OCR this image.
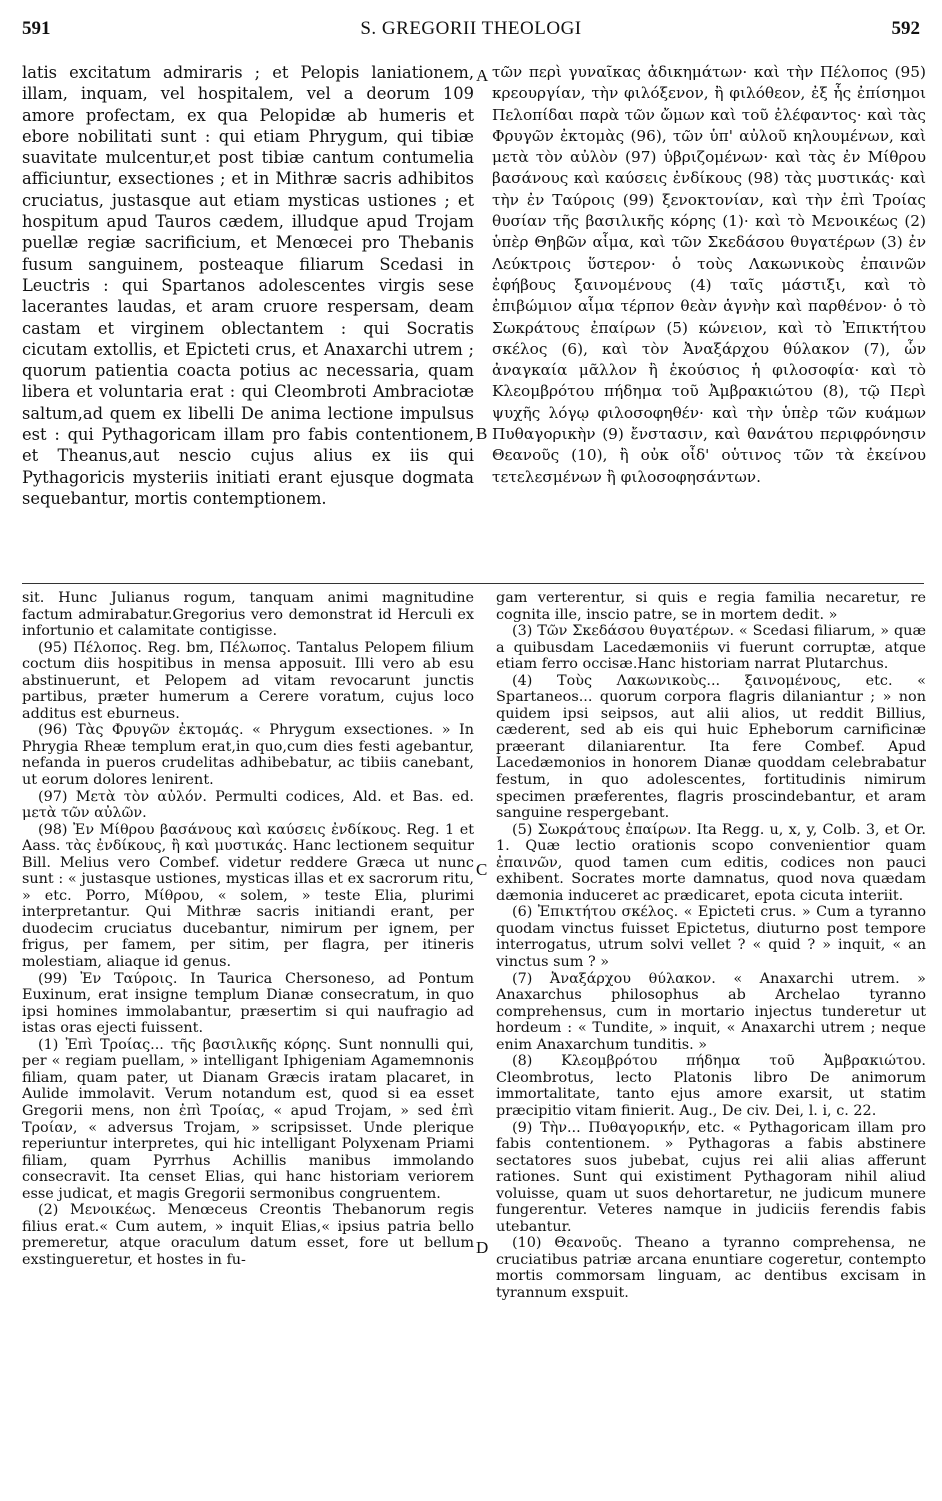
591	S. GREGORII THEOLOGI	592

latis excitatum admiraris ; et Pelopis laniationem, illam, inquam, vel hospitalem, vel a deorum 109 amore profectam, ex qua Pelopidæ ab humeris et ebore nobilitati sunt : qui etiam Phrygum, qui tibiæ suavitate mulcentur,et post tibiæ cantum contumelia afficiuntur, exsectiones ; et in Mithræ sacris adhibitos cruciatus, justasque aut etiam mysticas ustiones ; et hospitum apud Tauros cædem, illudque apud Trojam puellæ regiæ sacrificium, et Menœcei pro Thebanis fusum sanguinem, posteaque filiarum Scedasi in Leuctris : qui Spartanos adolescentes virgis sese lacerantes laudas, et aram cruore respersam, deam castam et virginem oblectantem : qui Socratis cicutam extollis, et Epicteti crus, et Anaxarchi utrem ; quorum patientia coacta potius ac necessaria, quam libera et voluntaria erat : qui Cleombroti Ambraciotæ saltum,ad quem ex libelli De anima lectione impulsus est : qui Pythagoricam illam pro fabis contentionem, et Theanus,aut nescio cujus alius ex iis qui Pythagoricis mysteriis initiati erant ejusque dogmata sequebantur, mortis contemptionem.

τῶν περὶ γυναῖκας ἀδικημάτων· καὶ τὴν Πέλοπος (95) κρεουργίαν, τὴν φιλόξενον, ἢ φιλόθεον, ἐξ ἧς ἐπίσημοι Πελοπίδαι παρὰ τῶν ὤμων καὶ τοῦ ἐλέφαντος· καὶ τὰς Φρυγῶν ἐκτομὰς (96), τῶν ὑπ' αὐλοῦ κηλουμένων, καὶ μετὰ τὸν αὐλὸν (97) ὑβριζομένων· καὶ τὰς ἐν Μίθρου βασάνους καὶ καύσεις ἐνδίκους (98) τὰς μυστικάς· καὶ τὴν ἐν Ταύροις (99) ξενοκτονίαν, καὶ τὴν ἐπὶ Τροίας θυσίαν τῆς βασιλικῆς κόρης (1)· καὶ τὸ Μενοικέως (2) ὑπὲρ Θηβῶν αἷμα, καὶ τῶν Σκεδάσου θυγατέρων (3) ἐν Λεύκτροις ὕστερον· ὁ τοὺς Λακωνικοὺς ἐπαινῶν ἐφήβους ξαινομένους (4) ταῖς μάστιξι, καὶ τὸ ἐπιβώμιον αἷμα τέρπον θεὰν ἁγνὴν καὶ παρθένον· ὁ τὸ Σωκράτους ἐπαίρων (5) κώνειον, καὶ τὸ Ἐπικτήτου σκέλος (6), καὶ τὸν Ἀναξάρχου θύλακον (7), ὧν ἀναγκαία μᾶλλον ἢ ἑκούσιος ἡ φιλοσοφία· καὶ τὸ Κλεομβρότου πήδημα τοῦ Ἀμβρακιώτου (8), τῷ Περὶ ψυχῆς λόγῳ φιλοσοφηθέν· καὶ τὴν ὑπὲρ τῶν κυάμων Πυθαγορικὴν (9) ἔνστασιν, καὶ θανάτου περιφρόνησιν Θεανοῦς (10), ἢ οὐκ οἶδ' οὑτινος τῶν τὰ ἐκείνου τετελεσμένων ἢ φιλοσοφησάντων.

A
B
C
D

sit. Hunc Julianus rogum, tanquam animi magnitudine factum admirabatur.Gregorius vero demonstrat id Herculi ex infortunio et calamitate contigisse.

(95) Πέλοπος. Reg. bm, Πέλωπος. Tantalus Pelopem filium coctum diis hospitibus in mensa apposuit. Illi vero ab esu abstinuerunt, et Pelopem ad vitam revocarunt junctis partibus, præter humerum a Cerere voratum, cujus loco additus est eburneus.

(96) Τὰς Φρυγῶν ἐκτομάς. « Phrygum exsectiones. » In Phrygia Rheæ templum erat,in quo,cum dies festi agebantur, nefanda in pueros crudelitas adhibebatur, ac tibiis canebant, ut eorum dolores lenirent.

(97) Μετὰ τὸν αὐλόν. Permulti codices, Ald. et Bas. ed. μετὰ τῶν αὐλῶν.

(98) Ἐν Μίθρου βασάνους καὶ καύσεις ἐνδίκους. Reg. 1 et Aass. τὰς ἐνδίκους, ἢ καὶ μυστικάς. Hanc lectionem sequitur Bill. Melius vero Combef. videtur reddere Græca ut nunc sunt : « justasque ustiones, mysticas illas et ex sacrorum ritu, » etc. Porro, Μίθρου, « solem, » teste Elia, plurimi interpretantur. Qui Mithræ sacris initiandi erant, per duodecim cruciatus ducebantur, nimirum per ignem, per frigus, per famem, per sitim, per flagra, per itineris molestiam, aliaque id genus.

(99) Ἐν Ταύροις. In Taurica Chersoneso, ad Pontum Euxinum, erat insigne templum Dianæ consecratum, in quo ipsi homines immolabantur, præsertim si qui naufragio ad istas oras ejecti fuissent.

(1) Ἐπὶ Τροίας... τῆς βασιλικῆς κόρης. Sunt nonnulli qui, per « regiam puellam, » intelligant Iphigeniam Agamemnonis filiam, quam pater, ut Dianam Græcis iratam placaret, in Aulide immolavit. Verum notandum est, quod si ea esset Gregorii mens, non ἐπὶ Τροίας, « apud Trojam, » sed ἐπὶ Τροίαν, « adversus Trojam, » scripsisset. Unde plerique reperiuntur interpretes, qui hic intelligant Polyxenam Priami filiam, quam Pyrrhus Achillis manibus immolando consecravit. Ita censet Elias, qui hanc historiam veriorem esse judicat, et magis Gregorii sermonibus congruentem.

(2) Μενοικέως. Menœceus Creontis Thebanorum regis filius erat.« Cum autem, » inquit Elias,« ipsius patria bello premeretur, atque oraculum datum esset, fore ut bellum exstingueretur, et hostes in fu-

gam verterentur, si quis e regia familia necaretur, re cognita ille, inscio patre, se in mortem dedit. »

(3) Τῶν Σκεδάσου θυγατέρων. « Scedasi filiarum, » quæ a quibusdam Lacedæmoniis vi fuerunt corruptæ, atque etiam ferro occisæ.Hanc historiam narrat Plutarchus.

(4) Τοὺς Λακωνικοὺς... ξαινομένους, etc. « Spartaneos... quorum corpora flagris dilaniantur ; » non quidem ipsi seipsos, aut alii alios, ut reddit Billius, cæderent, sed ab eis qui huic Epheborum carnificinæ præerant dilaniarentur. Ita fere Combef. Apud Lacedæmonios in honorem Dianæ quoddam celebrabatur festum, in quo adolescentes, fortitudinis nimirum specimen præferentes, flagris proscindebantur, et aram sanguine respergebant.

(5) Σωκράτους ἐπαίρων. Ita Regg. u, x, y, Colb. 3, et Or. 1. Quæ lectio orationis scopo convenientior quam ἐπαινῶν, quod tamen cum editis, codices non pauci exhibent. Socrates morte damnatus, quod nova quædam dæmonia induceret ac prædicaret, epota cicuta interiit.

(6) Ἐπικτήτου σκέλος. « Epicteti crus. » Cum a tyranno quodam vinctus fuisset Epictetus, diuturno post tempore interrogatus, utrum solvi vellet ? « quid ? » inquit, « an vinctus sum ? »

(7) Ἀναξάρχου θύλακον. « Anaxarchi utrem. » Anaxarchus philosophus ab Archelao tyranno comprehensus, cum in mortario injectus tunderetur ut hordeum : « Tundite, » inquit, « Anaxarchi utrem ; neque enim Anaxarchum tunditis. »

(8) Κλεομβρότου πήδημα τοῦ Ἀμβρακιώτου. Cleombrotus, lecto Platonis libro De animorum immortalitate, tanto ejus amore exarsit, ut statim præcipitio vitam finierit. Aug., De civ. Dei, l. i, c. 22.

(9) Τὴν... Πυθαγορικήν, etc. « Pythagoricam illam pro fabis contentionem. » Pythagoras a fabis abstinere sectatores suos jubebat, cujus rei alii alias afferunt rationes. Sunt qui existiment Pythagoram nihil aliud voluisse, quam ut suos dehortaretur, ne judicum munere fungerentur. Veteres namque in judiciis ferendis fabis utebantur.

(10) Θεανοῦς. Theano a tyranno comprehensa, ne cruciatibus patriæ arcana enuntiare cogeretur, contempto mortis commorsam linguam, ac dentibus excisam in tyrannum exspuit.
